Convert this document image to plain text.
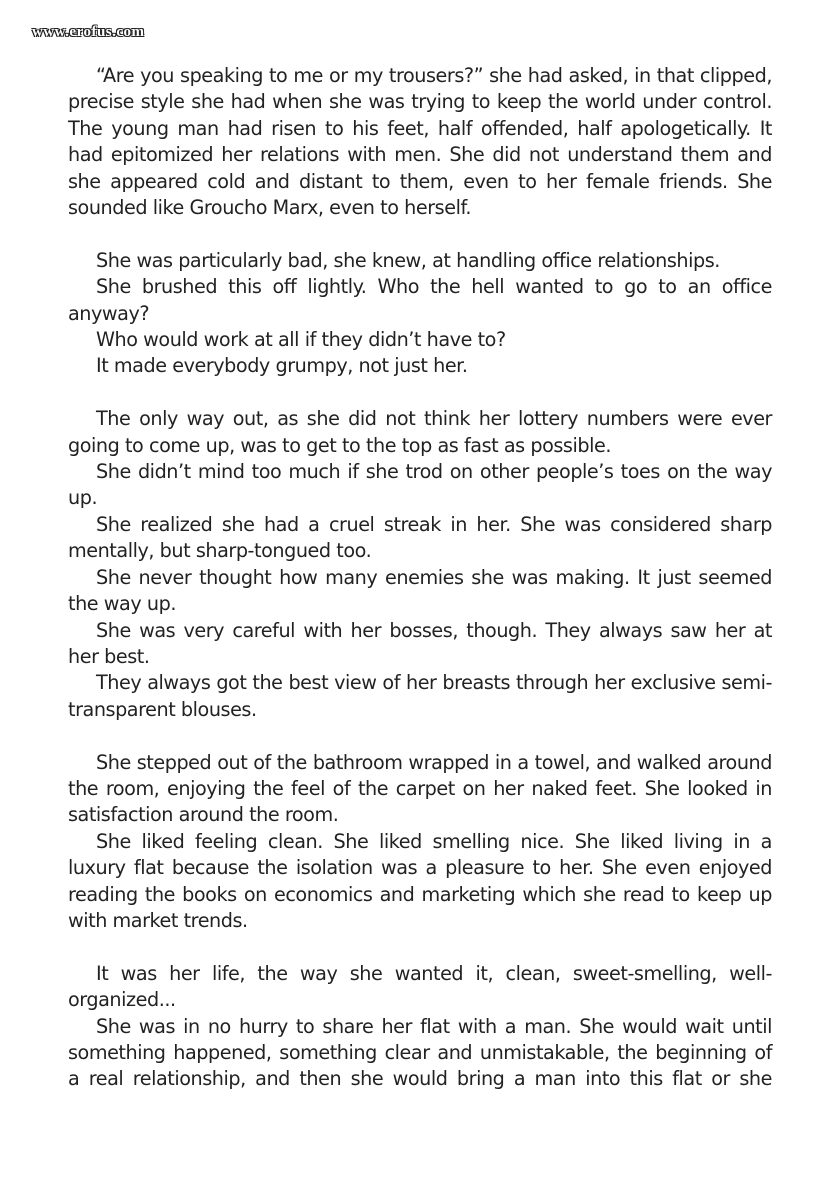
www.erofus.com

“Are you speaking to me or my trousers?” she had asked, in that clipped, precise style she had when she was trying to keep the world under control. The young man had risen to his feet, half offended, half apologetically. It had epitomized her relations with men. She did not understand them and she appeared cold and distant to them, even to her female friends. She sounded like Groucho Marx, even to herself.

She was particularly bad, she knew, at handling office relationships.

She brushed this off lightly. Who the hell wanted to go to an office anyway?

Who would work at all if they didn’t have to?

It made everybody grumpy, not just her.

The only way out, as she did not think her lottery numbers were ever going to come up, was to get to the top as fast as possible.

She didn’t mind too much if she trod on other people’s toes on the way up.

She realized she had a cruel streak in her. She was considered sharp mentally, but sharp-tongued too.

She never thought how many enemies she was making. It just seemed the way up.

She was very careful with her bosses, though. They always saw her at her best.

They always got the best view of her breasts through her exclusive semi-transparent blouses.

She stepped out of the bathroom wrapped in a towel, and walked around the room, enjoying the feel of the carpet on her naked feet. She looked in satisfaction around the room.

She liked feeling clean. She liked smelling nice. She liked living in a luxury flat because the isolation was a pleasure to her. She even enjoyed reading the books on economics and marketing which she read to keep up with market trends.

It was her life, the way she wanted it, clean, sweet-smelling, well-organized...

She was in no hurry to share her flat with a man. She would wait until something happened, something clear and unmistakable, the beginning of a real relationship, and then she would bring a man into this flat or she
